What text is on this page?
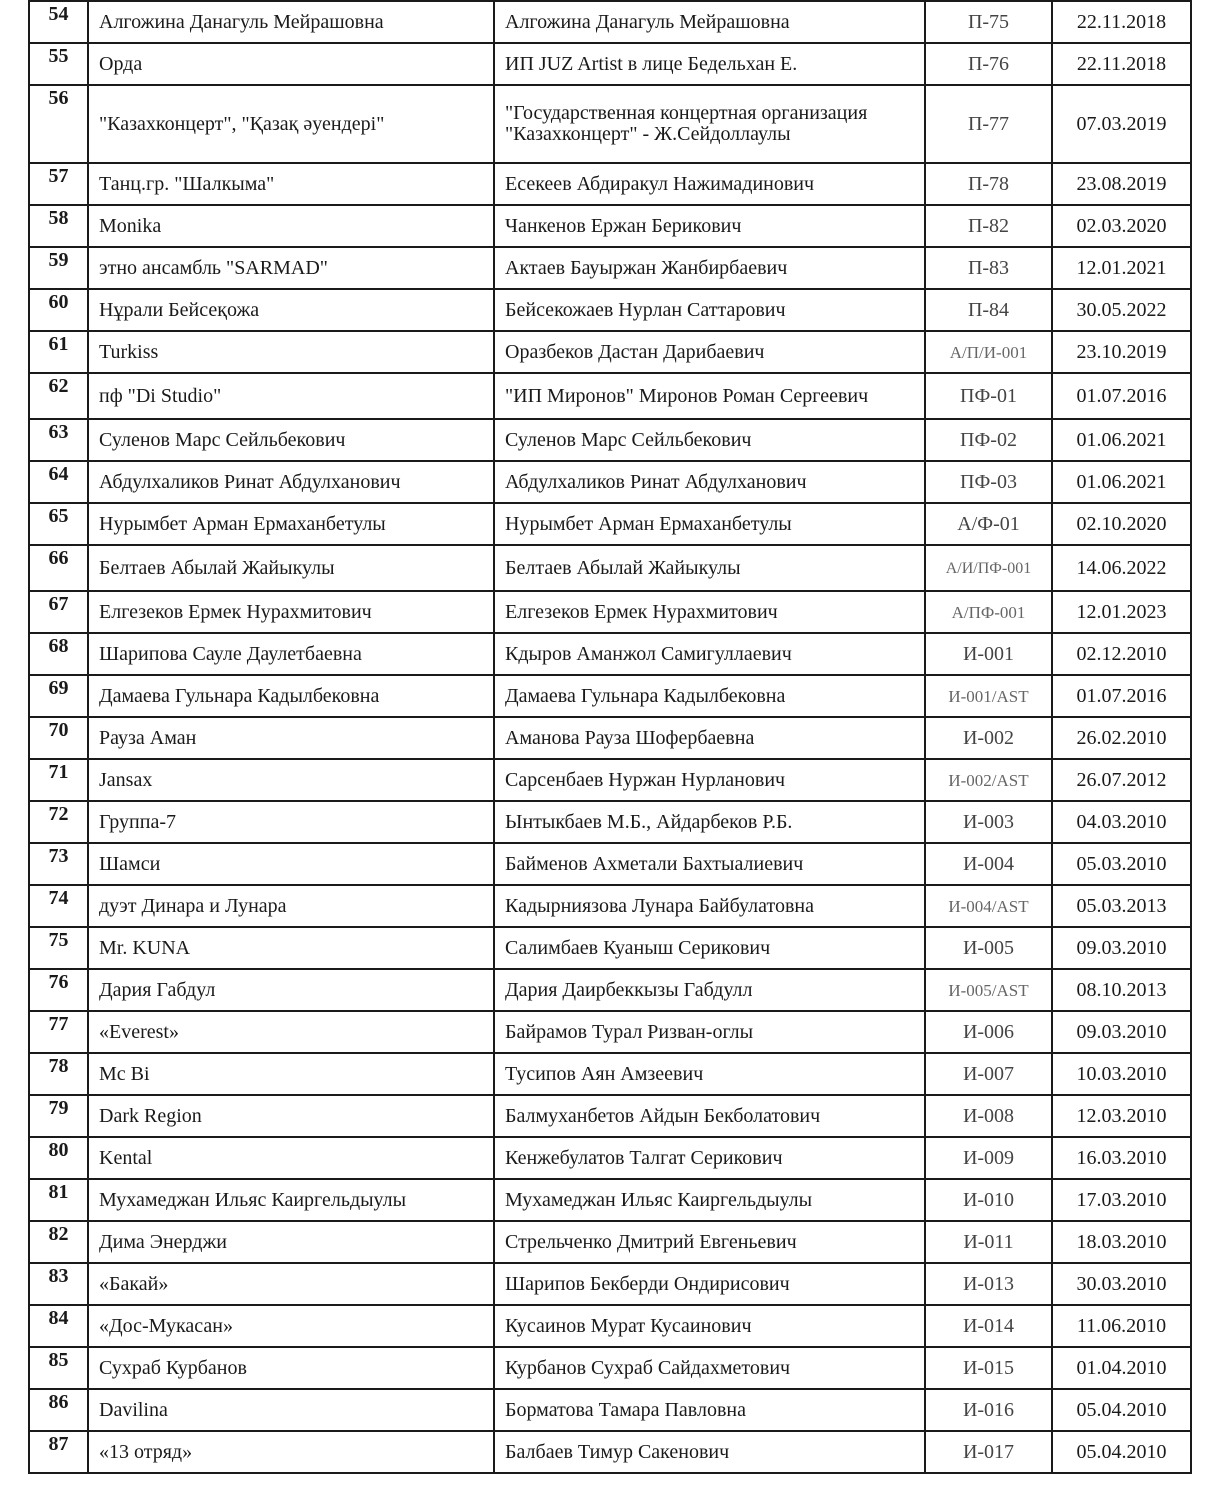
54	Алгожина Данагуль Мейрашовна	Алгожина Данагуль Мейрашовна	П-75	22.11.2018
55	Орда	ИП JUZ Artist в лице Бедельхан Е.	П-76	22.11.2018
56	"Казахконцерт", "Қазақ әуендері"	"Государственная концертная организация "Казахконцерт" - Ж.Сейдоллаулы	П-77	07.03.2019
57	Танц.гр. "Шалкыма"	Есекеев Абдиракул Нажимадинович	П-78	23.08.2019
58	Monika	Чанкенов Ержан Берикович	П-82	02.03.2020
59	этно ансамбль "SARMAD"	Актаев Бауыржан Жанбирбаевич	П-83	12.01.2021
60	Нұрали Бейсеқожа	Бейсекожаев Нурлан Саттарович	П-84	30.05.2022
61	Turkiss	Оразбеков Дастан Дарибаевич	А/П/И-001	23.10.2019
62	пф "Di Studio"	"ИП Миронов" Миронов Роман Сергеевич	ПФ-01	01.07.2016
63	Суленов Марс Сейльбекович	Суленов Марс Сейльбекович	ПФ-02	01.06.2021
64	Абдулхаликов Ринат Абдулханович	Абдулхаликов Ринат Абдулханович	ПФ-03	01.06.2021
65	Нурымбет Арман Ермаханбетулы	Нурымбет Арман Ермаханбетулы	А/Ф-01	02.10.2020
66	Белтаев Абылай Жайыкулы	Белтаев Абылай Жайыкулы	А/И/ПФ-001	14.06.2022
67	Елгезеков Ермек Нурахмитович	Елгезеков Ермек Нурахмитович	А/ПФ-001	12.01.2023
68	Шарипова Сауле Даулетбаевна	Кдыров Аманжол Самигуллаевич	И-001	02.12.2010
69	Дамаева Гульнара Кадылбековна	Дамаева Гульнара Кадылбековна	И-001/AST	01.07.2016
70	Рауза Аман	Аманова Рауза Шофербаевна	И-002	26.02.2010
71	Jansax	Сарсенбаев Нуржан Нурланович	И-002/AST	26.07.2012
72	Группа-7	Ынтыкбаев М.Б., Айдарбеков Р.Б.	И-003	04.03.2010
73	Шамси	Байменов Ахметали Бахтыалиевич	И-004	05.03.2010
74	дуэт Динара и Лунара	Кадырниязова Лунара Байбулатовна	И-004/AST	05.03.2013
75	Mr. KUNA	Салимбаев Куаныш Серикович	И-005	09.03.2010
76	Дария Габдул	Дария Даирбеккызы Габдулл	И-005/AST	08.10.2013
77	«Everest»	Байрамов Турал Ризван-оглы	И-006	09.03.2010
78	Mc Bi	Тусипов Аян Амзеевич	И-007	10.03.2010
79	Dark Region	Балмуханбетов Айдын Бекболатович	И-008	12.03.2010
80	Kental	Кенжебулатов Талгат Серикович	И-009	16.03.2010
81	Мухамеджан Ильяс Каиргельдыулы	Мухамеджан Ильяс Каиргельдыулы	И-010	17.03.2010
82	Дима Энерджи	Стрельченко Дмитрий Евгеньевич	И-011	18.03.2010
83	«Бакай»	Шарипов Бекберди Ондирисович	И-013	30.03.2010
84	«Дос-Мукасан»	Кусаинов Мурат Кусаинович	И-014	11.06.2010
85	Сухраб Курбанов	Курбанов Сухраб Сайдахметович	И-015	01.04.2010
86	Davilina	Борматова Тамара Павловна	И-016	05.04.2010
87	«13 отряд»	Балбаев Тимур Сакенович	И-017	05.04.2010
